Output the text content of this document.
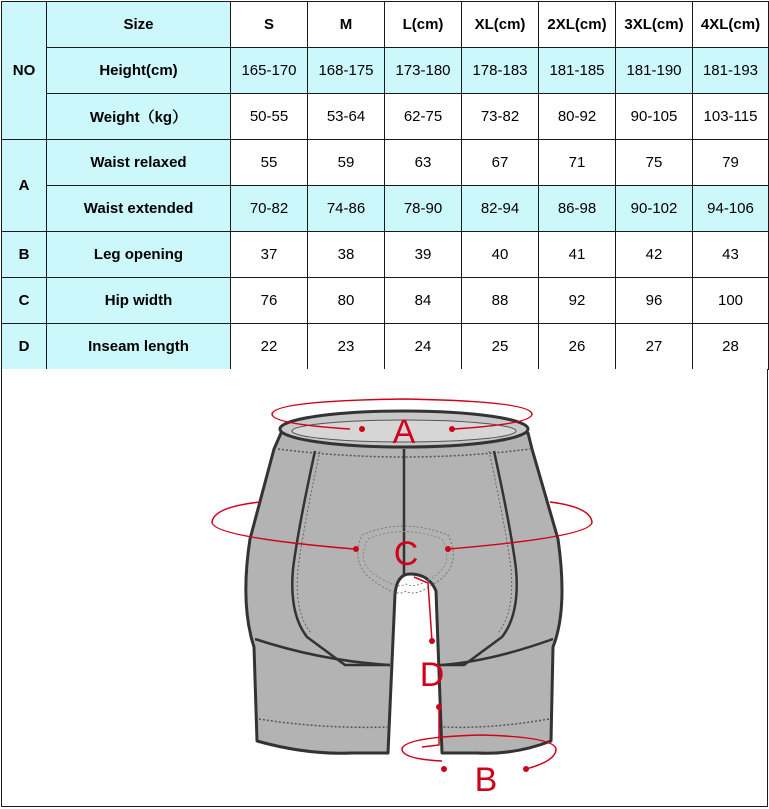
NO	Size	S	M	L(cm)	XL(cm)	2XL(cm)	3XL(cm)	4XL(cm)
	Height(cm)	165-170	168-175	173-180	178-183	181-185	181-190	181-193
	Weight（kg）	50-55	53-64	62-75	73-82	80-92	90-105	103-115
A	Waist relaxed	55	59	63	67	71	75	79
	Waist extended	70-82	74-86	78-90	82-94	86-98	90-102	94-106
B	Leg opening	37	38	39	40	41	42	43
C	Hip width	76	80	84	88	92	96	100
D	Inseam length	22	23	24	25	26	27	28
A
C
D
B
